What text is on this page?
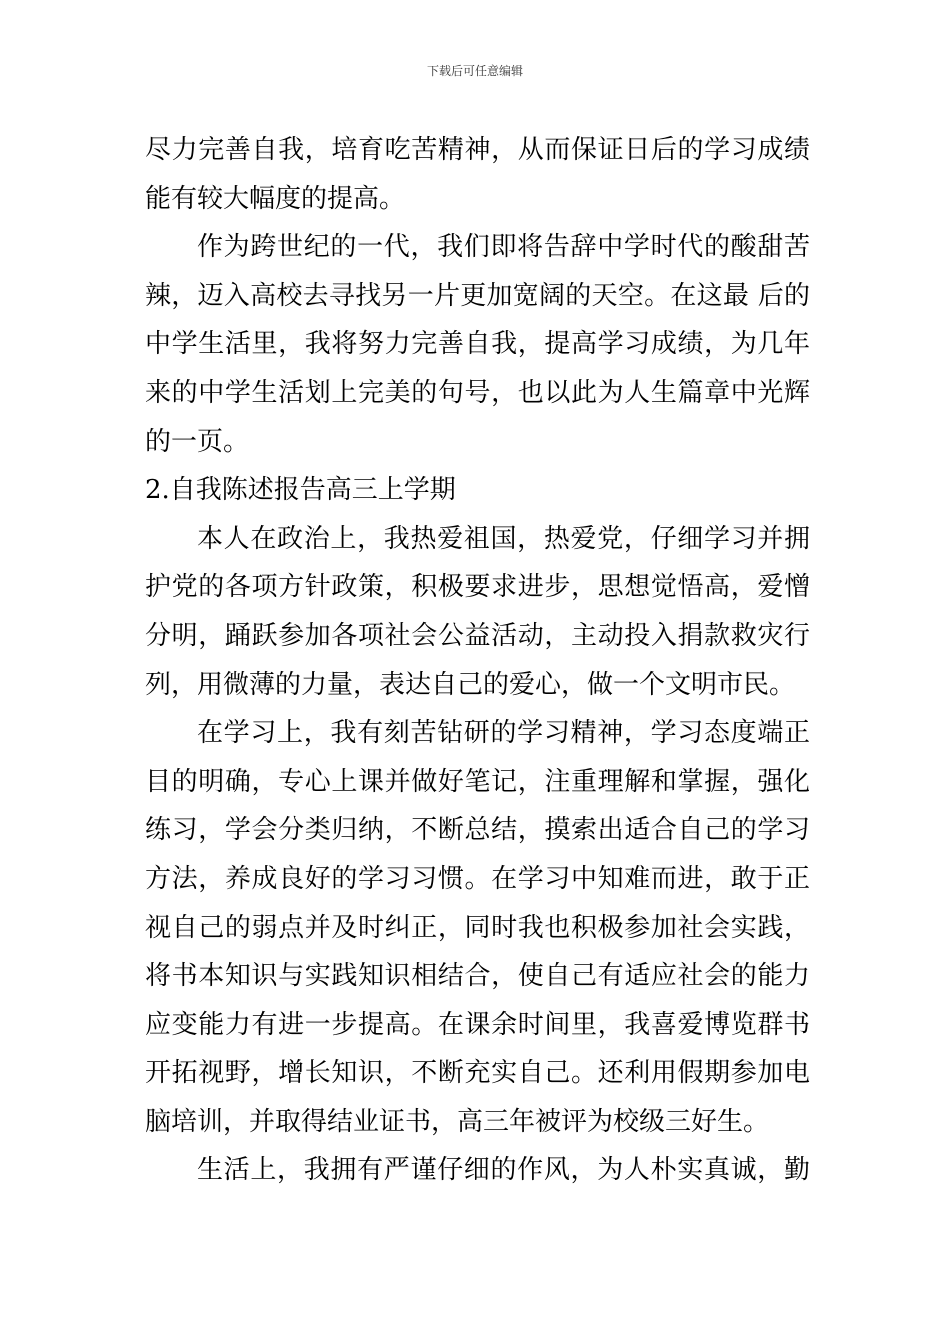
下载后可任意编辑
尽力完善自我，培育吃苦精神，从而保证日后的学习成绩
能有较大幅度的提高。
作为跨世纪的一代，我们即将告辞中学时代的酸甜苦
辣，迈入高校去寻找另一片更加宽阔的天空。在这最 后的
中学生活里，我将努力完善自我，提高学习成绩，为几年
来的中学生活划上完美的句号，也以此为人生篇章中光辉
的一页。
2.自我陈述报告高三上学期
本人在政治上，我热爱祖国，热爱党，仔细学习并拥
护党的各项方针政策，积极要求进步，思想觉悟高，爱憎
分明，踊跃参加各项社会公益活动，主动投入捐款救灾行
列，用微薄的力量，表达自己的爱心，做一个文明市民。
在学习上，我有刻苦钻研的学习精神，学习态度端正
目的明确，专心上课并做好笔记，注重理解和掌握，强化
练习，学会分类归纳，不断总结，摸索出适合自己的学习
方法，养成良好的学习习惯。在学习中知难而进，敢于正
视自己的弱点并及时纠正，同时我也积极参加社会实践，
将书本知识与实践知识相结合，使自己有适应社会的能力
应变能力有进一步提高。在课余时间里，我喜爱博览群书
开拓视野，增长知识，不断充实自己。还利用假期参加电
脑培训，并取得结业证书，高三年被评为校级三好生。
生活上，我拥有严谨仔细的作风，为人朴实真诚，勤
